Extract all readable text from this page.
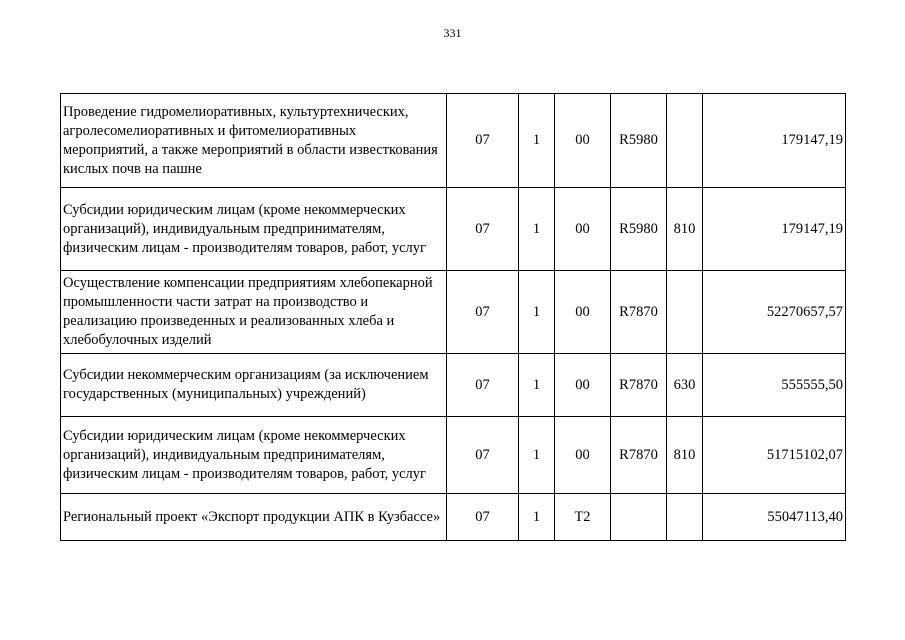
331
Проведение гидромелиоративных, культуртехнических, агролесомелиоративных и фитомелиоративных мероприятий, а также мероприятий в области известкования кислых почв на пашне	07	1	00	R5980		179147,19

Субсидии юридическим лицам (кроме некоммерческих организаций), индивидуальным предпринимателям, физическим лицам - производителям товаров, работ, услуг	07	1	00	R5980	810	179147,19

Осуществление компенсации предприятиям хлебопекарной промышленности части затрат на производство и реализацию произведенных и реализованных хлеба и хлебобулочных изделий	07	1	00	R7870		52270657,57

Субсидии некоммерческим организациям (за исключением государственных (муниципальных) учреждений)	07	1	00	R7870	630	555555,50

Субсидии юридическим лицам (кроме некоммерческих организаций), индивидуальным предпринимателям, физическим лицам - производителям товаров, работ, услуг	07	1	00	R7870	810	51715102,07

Региональный проект «Экспорт продукции АПК в Кузбассе»	07	1	T2			55047113,40
